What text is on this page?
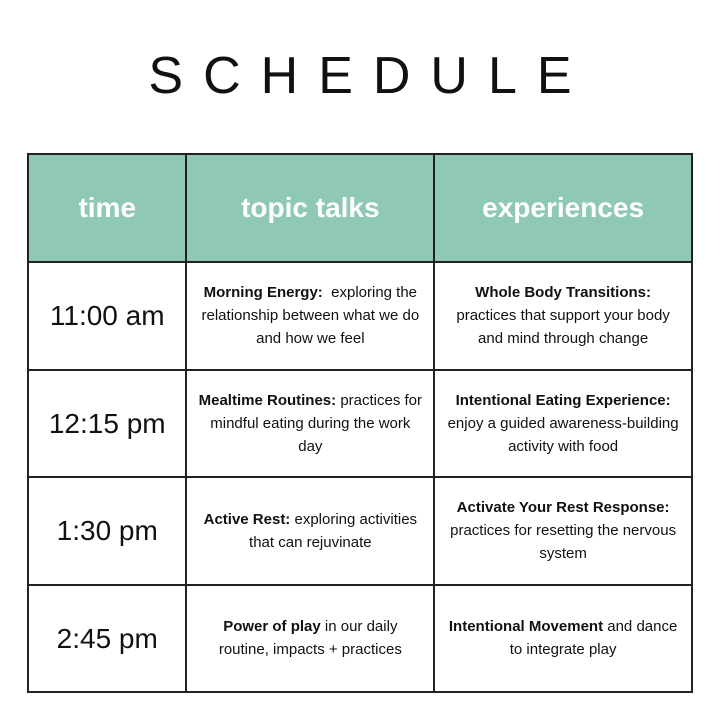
SCHEDULE
time	topic talks	experiences
11:00 am	Morning Energy:  exploring the relationship between what we do and how we feel	Whole Body Transitions: practices that support your body and mind through change
12:15 pm	Mealtime Routines: practices for mindful eating during the work day	Intentional Eating Experience: enjoy a guided awareness-building activity with food
1:30 pm	Active Rest: exploring activities that can rejuvinate	Activate Your Rest Response: practices for resetting the nervous system
2:45 pm	Power of play in our daily routine, impacts + practices	Intentional Movement and dance to integrate play
